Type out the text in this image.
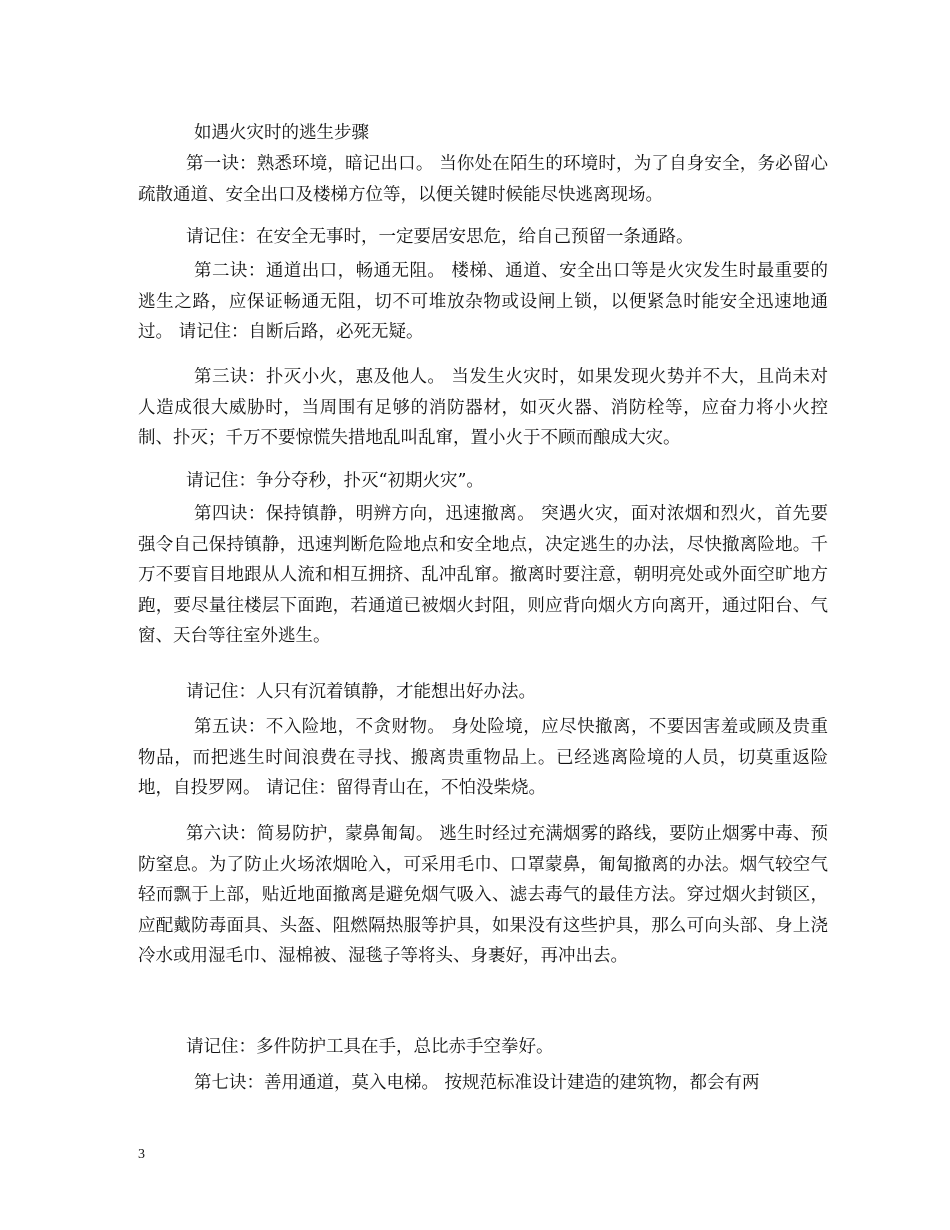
如遇火灾时的逃生步骤

第一诀：熟悉环境，暗记出口。 当你处在陌生的环境时，为了自身安全，务必留心疏散通道、安全出口及楼梯方位等，以便关键时候能尽快逃离现场。

请记住：在安全无事时，一定要居安思危，给自己预留一条通路。

第二诀：通道出口，畅通无阻。 楼梯、通道、安全出口等是火灾发生时最重要的逃生之路，应保证畅通无阻，切不可堆放杂物或设闸上锁，以便紧急时能安全迅速地通过。 请记住：自断后路，必死无疑。

第三诀：扑灭小火，惠及他人。 当发生火灾时，如果发现火势并不大，且尚未对人造成很大威胁时，当周围有足够的消防器材，如灭火器、消防栓等，应奋力将小火控制、扑灭；千万不要惊慌失措地乱叫乱窜，置小火于不顾而酿成大灾。

请记住：争分夺秒，扑灭“初期火灾”。

第四诀：保持镇静，明辨方向，迅速撤离。 突遇火灾，面对浓烟和烈火，首先要强令自己保持镇静，迅速判断危险地点和安全地点，决定逃生的办法，尽快撤离险地。千万不要盲目地跟从人流和相互拥挤、乱冲乱窜。撤离时要注意，朝明亮处或外面空旷地方跑，要尽量往楼层下面跑，若通道已被烟火封阻，则应背向烟火方向离开，通过阳台、气窗、天台等往室外逃生。

请记住：人只有沉着镇静，才能想出好办法。

第五诀：不入险地，不贪财物。 身处险境，应尽快撤离，不要因害羞或顾及贵重物品，而把逃生时间浪费在寻找、搬离贵重物品上。已经逃离险境的人员，切莫重返险地，自投罗网。 请记住：留得青山在，不怕没柴烧。

第六诀：简易防护，蒙鼻匍匐。 逃生时经过充满烟雾的路线，要防止烟雾中毒、预防窒息。为了防止火场浓烟呛入，可采用毛巾、口罩蒙鼻，匍匐撤离的办法。烟气较空气轻而飘于上部，贴近地面撤离是避免烟气吸入、滤去毒气的最佳方法。穿过烟火封锁区，应配戴防毒面具、头盔、阻燃隔热服等护具，如果没有这些护具，那么可向头部、身上浇冷水或用湿毛巾、湿棉被、湿毯子等将头、身裹好，再冲出去。

请记住：多件防护工具在手，总比赤手空拳好。

第七诀：善用通道，莫入电梯。 按规范标准设计建造的建筑物，都会有两

3
